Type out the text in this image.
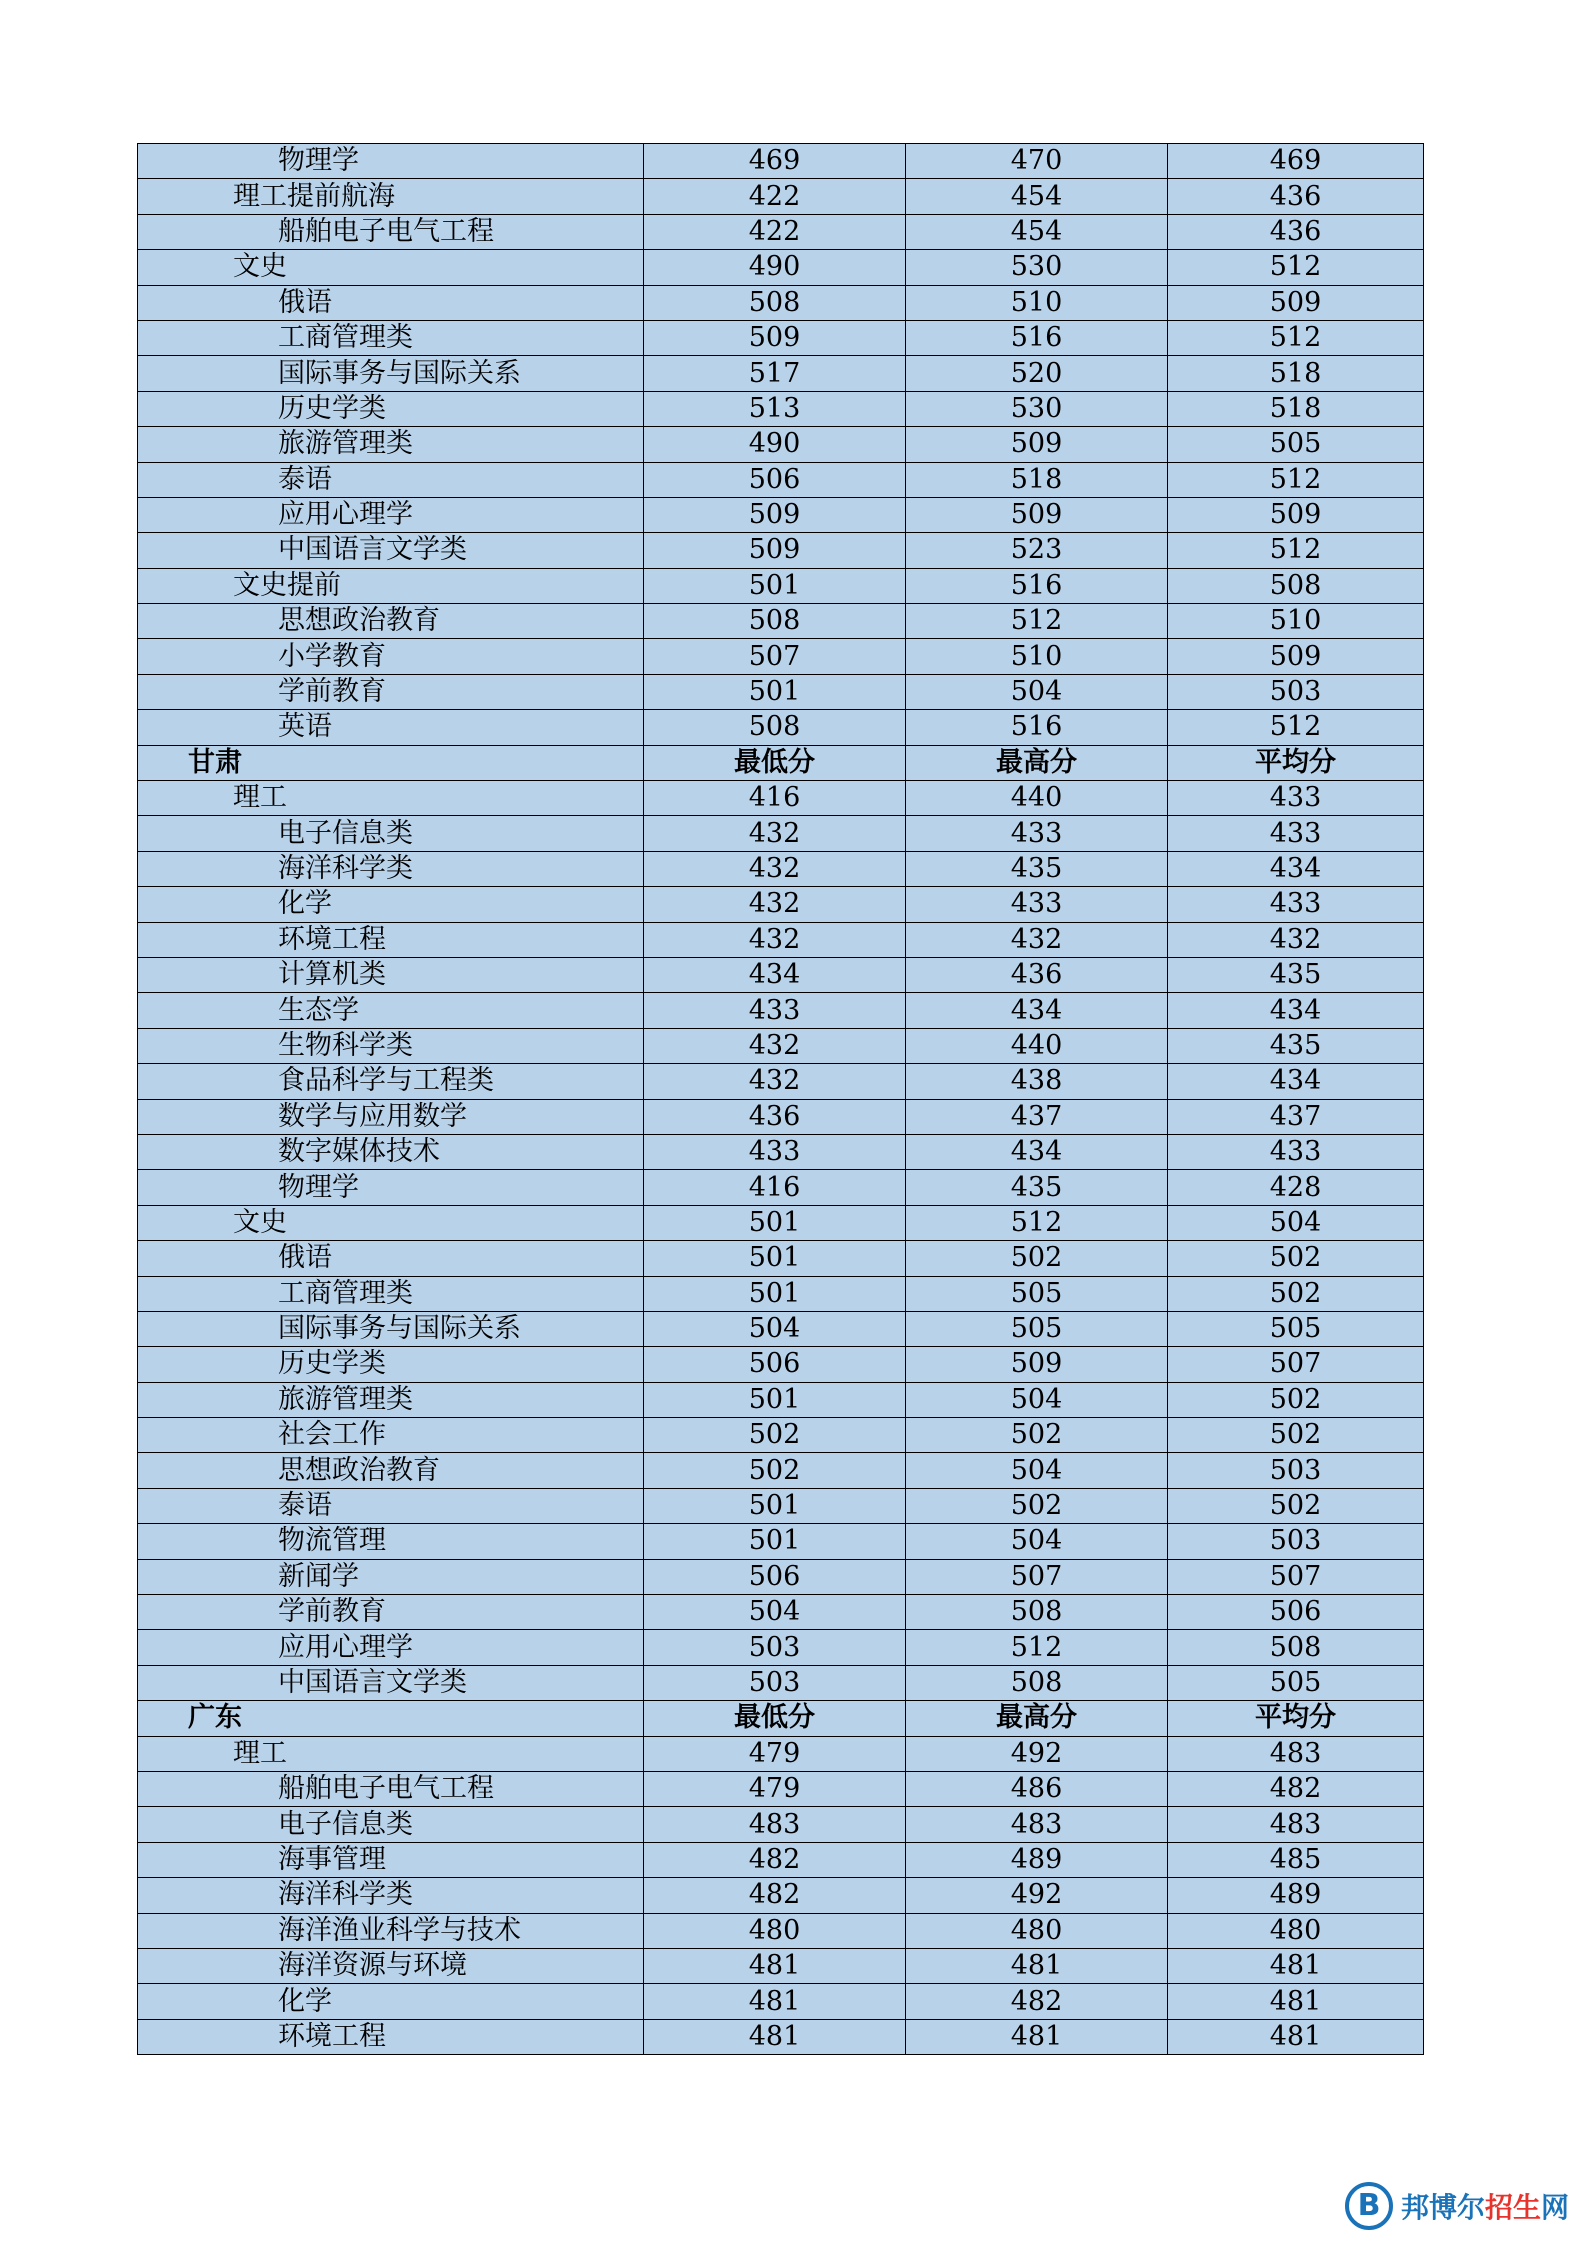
物理学	469	470	469
理工提前航海	422	454	436
船舶电子电气工程	422	454	436
文史	490	530	512
俄语	508	510	509
工商管理类	509	516	512
国际事务与国际关系	517	520	518
历史学类	513	530	518
旅游管理类	490	509	505
泰语	506	518	512
应用心理学	509	509	509
中国语言文学类	509	523	512
文史提前	501	516	508
思想政治教育	508	512	510
小学教育	507	510	509
学前教育	501	504	503
英语	508	516	512
甘肃	最低分	最高分	平均分
理工	416	440	433
电子信息类	432	433	433
海洋科学类	432	435	434
化学	432	433	433
环境工程	432	432	432
计算机类	434	436	435
生态学	433	434	434
生物科学类	432	440	435
食品科学与工程类	432	438	434
数学与应用数学	436	437	437
数字媒体技术	433	434	433
物理学	416	435	428
文史	501	512	504
俄语	501	502	502
工商管理类	501	505	502
国际事务与国际关系	504	505	505
历史学类	506	509	507
旅游管理类	501	504	502
社会工作	502	502	502
思想政治教育	502	504	503
泰语	501	502	502
物流管理	501	504	503
新闻学	506	507	507
学前教育	504	508	506
应用心理学	503	512	508
中国语言文学类	503	508	505
广东	最低分	最高分	平均分
理工	479	492	483
船舶电子电气工程	479	486	482
电子信息类	483	483	483
海事管理	482	489	485
海洋科学类	482	492	489
海洋渔业科学与技术	480	480	480
海洋资源与环境	481	481	481
化学	481	482	481
环境工程	481	481	481
B 邦博尔招生网
